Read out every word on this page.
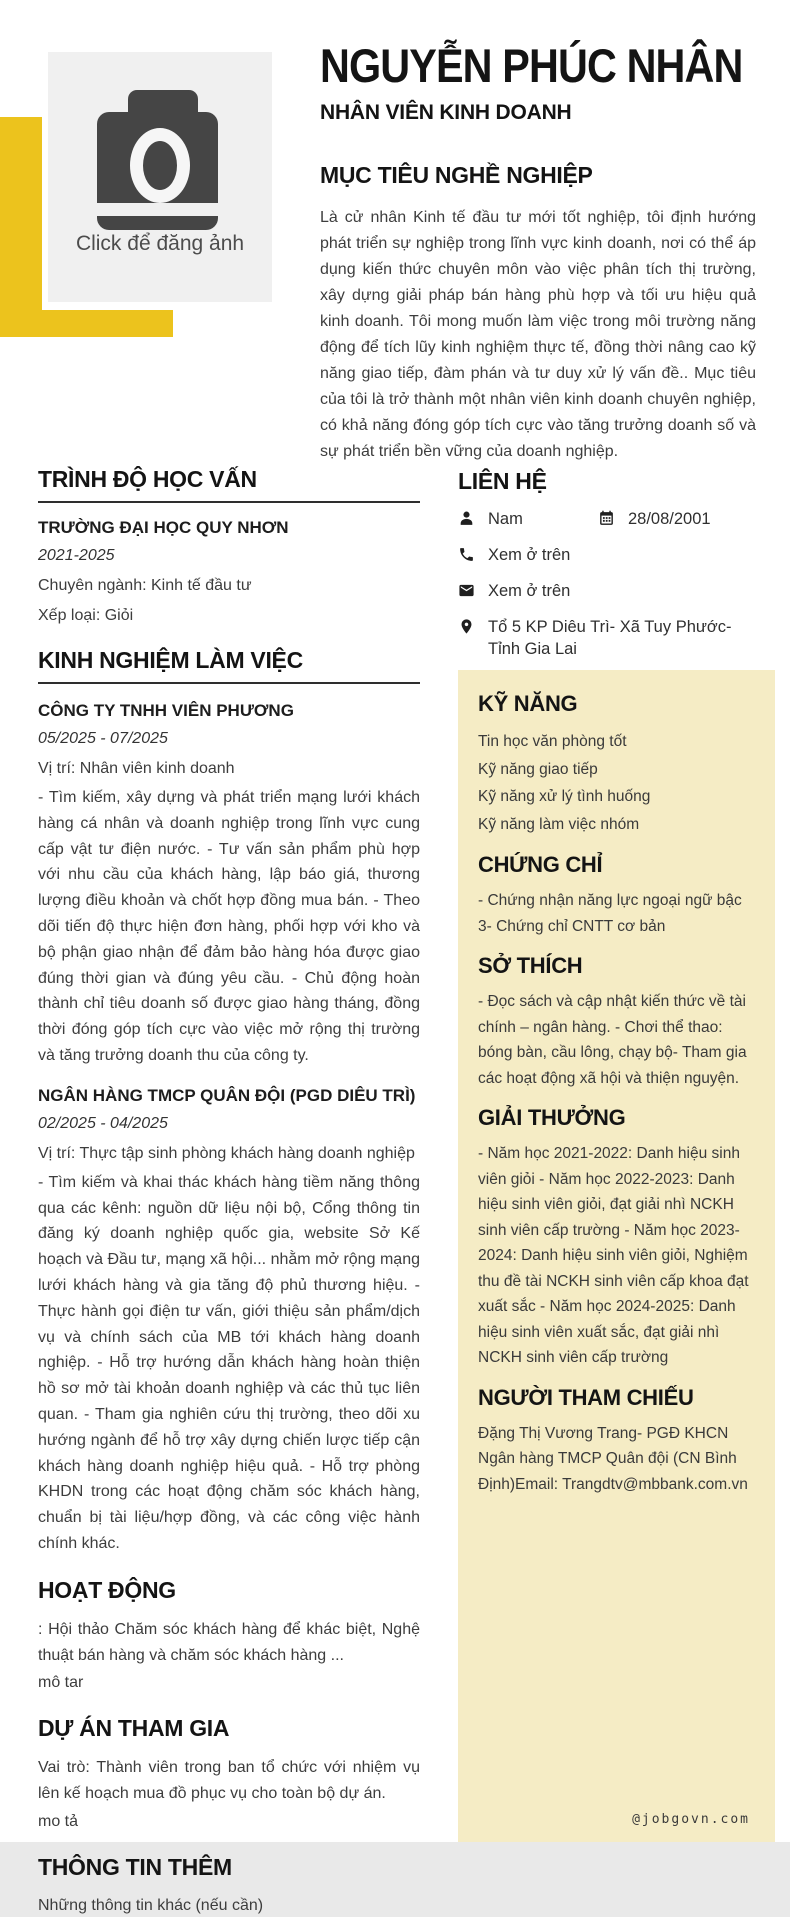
Click để đăng ảnh
NGUYỄN PHÚC NHÂN
NHÂN VIÊN KINH DOANH
MỤC TIÊU NGHỀ NGHIỆP
Là cử nhân Kinh tế đầu tư mới tốt nghiệp, tôi định hướng phát triển sự nghiệp trong lĩnh vực kinh doanh, nơi có thể áp dụng kiến thức chuyên môn vào việc phân tích thị trường, xây dựng giải pháp bán hàng phù hợp và tối ưu hiệu quả kinh doanh. Tôi mong muốn làm việc trong môi trường năng động để tích lũy kinh nghiệm thực tế, đồng thời nâng cao kỹ năng giao tiếp, đàm phán và tư duy xử lý vấn đề.. Mục tiêu của tôi là trở thành một nhân viên kinh doanh chuyên nghiệp, có khả năng đóng góp tích cực vào tăng trưởng doanh số và sự phát triển bền vững của doanh nghiệp.
TRÌNH ĐỘ HỌC VẤN
TRƯỜNG ĐẠI HỌC QUY NHƠN
2021-2025
Chuyên ngành: Kinh tế đầu tư
Xếp loại: Giỏi
KINH NGHIỆM LÀM VIỆC
CÔNG TY TNHH VIÊN PHƯƠNG
05/2025 - 07/2025
Vị trí: Nhân viên kinh doanh
- Tìm kiếm, xây dựng và phát triển mạng lưới khách hàng cá nhân và doanh nghiệp trong lĩnh vực cung cấp vật tư điện nước. - Tư vấn sản phẩm phù hợp với nhu cầu của khách hàng, lập báo giá, thương lượng điều khoản và chốt hợp đồng mua bán. - Theo dõi tiến độ thực hiện đơn hàng, phối hợp với kho và bộ phận giao nhận để đảm bảo hàng hóa được giao đúng thời gian và đúng yêu cầu. - Chủ động hoàn thành chỉ tiêu doanh số được giao hàng tháng, đồng thời đóng góp tích cực vào việc mở rộng thị trường và tăng trưởng doanh thu của công ty.
NGÂN HÀNG TMCP QUÂN ĐỘI (PGD DIÊU TRÌ)
02/2025 - 04/2025
Vị trí: Thực tập sinh phòng khách hàng doanh nghiệp
- Tìm kiếm và khai thác khách hàng tiềm năng thông qua các kênh: nguồn dữ liệu nội bộ, Cổng thông tin đăng ký doanh nghiệp quốc gia, website Sở Kế hoạch và Đầu tư, mạng xã hội... nhằm mở rộng mạng lưới khách hàng và gia tăng độ phủ thương hiệu. - Thực hành gọi điện tư vấn, giới thiệu sản phẩm/dịch vụ và chính sách của MB tới khách hàng doanh nghiệp. - Hỗ trợ hướng dẫn khách hàng hoàn thiện hồ sơ mở tài khoản doanh nghiệp và các thủ tục liên quan. - Tham gia nghiên cứu thị trường, theo dõi xu hướng ngành để hỗ trợ xây dựng chiến lược tiếp cận khách hàng doanh nghiệp hiệu quả. - Hỗ trợ phòng KHDN trong các hoạt động chăm sóc khách hàng, chuẩn bị tài liệu/hợp đồng, và các công việc hành chính khác.
HOẠT ĐỘNG
: Hội thảo Chăm sóc khách hàng để khác biệt, Nghệ thuật bán hàng và chăm sóc khách hàng ...
mô tar
DỰ ÁN THAM GIA
Vai trò: Thành viên trong ban tổ chức với nhiệm vụ lên kế hoạch mua đồ phục vụ cho toàn bộ dự án.
mo tả
THÔNG TIN THÊM
Những thông tin khác (nếu cần)
LIÊN HỆ
Nam	28/08/2001
Xem ở trên
Xem ở trên
Tổ 5 KP Diêu Trì- Xã Tuy Phước- Tỉnh Gia Lai
KỸ NĂNG
Tin học văn phòng tốt
Kỹ năng giao tiếp
Kỹ năng xử lý tình huống
Kỹ năng làm việc nhóm
CHỨNG CHỈ
- Chứng nhận năng lực ngoại ngữ bậc 3- Chứng chỉ CNTT cơ bản
SỞ THÍCH
- Đọc sách và cập nhật kiến thức về tài chính – ngân hàng. - Chơi thể thao: bóng bàn, cầu lông, chạy bộ- Tham gia các hoạt động xã hội và thiện nguyện.
GIẢI THƯỞNG
- Năm học 2021-2022: Danh hiệu sinh viên giỏi - Năm học 2022-2023: Danh hiệu sinh viên giỏi, đạt giải nhì NCKH sinh viên cấp trường - Năm học 2023-2024: Danh hiệu sinh viên giỏi, Nghiệm thu đề tài NCKH sinh viên cấp khoa đạt xuất sắc - Năm học 2024-2025: Danh hiệu sinh viên xuất sắc, đạt giải nhì NCKH sinh viên cấp trường
NGƯỜI THAM CHIẾU
Đặng Thị Vương Trang- PGĐ KHCN Ngân hàng TMCP Quân đội (CN Bình Định)Email: Trangdtv@mbbank.com.vn
@jobgovn.com
